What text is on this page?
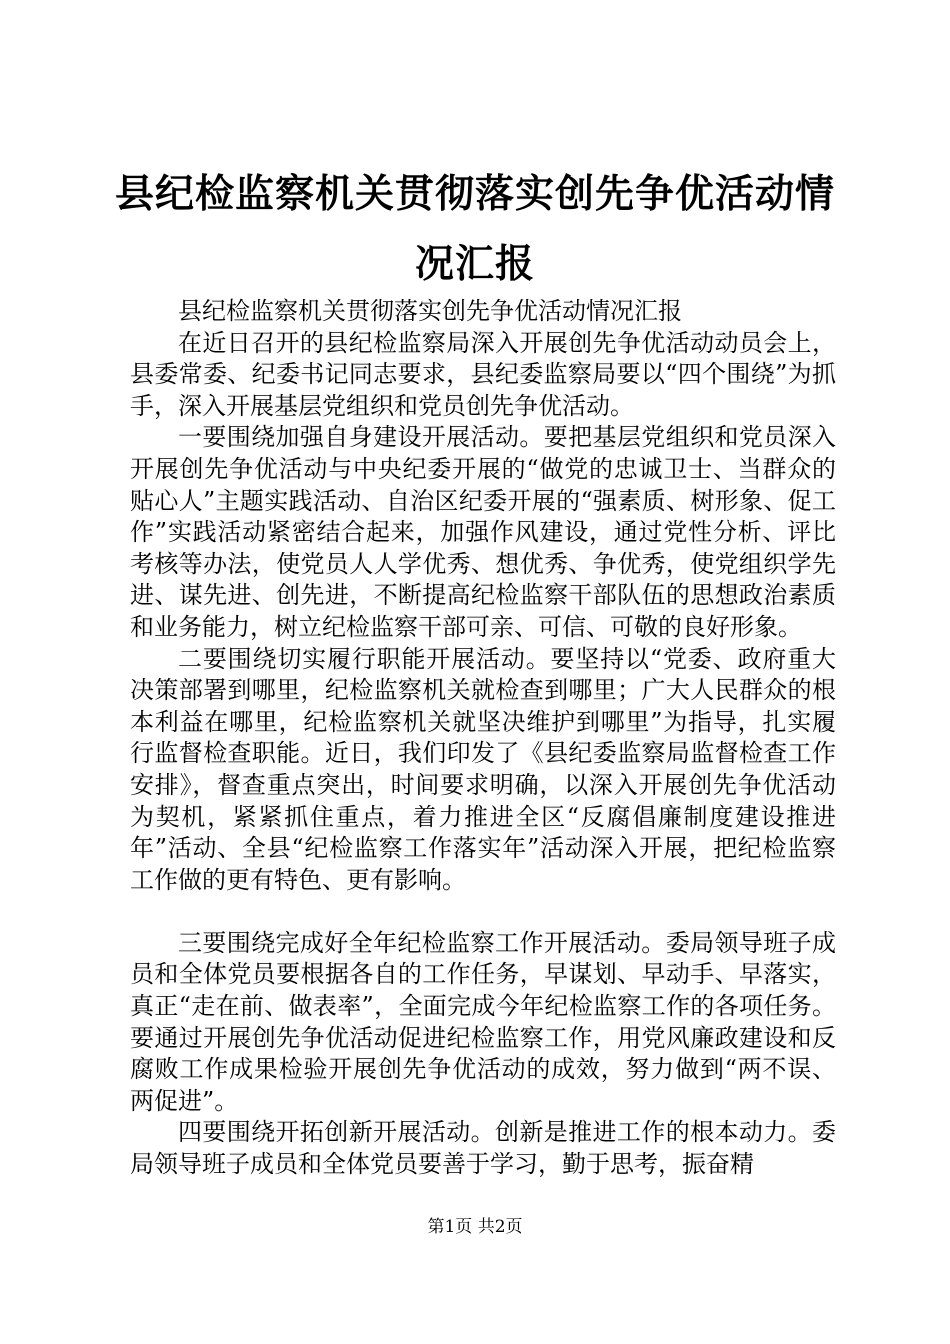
县纪检监察机关贯彻落实创先争优活动情况汇报

县纪检监察机关贯彻落实创先争优活动情况汇报

在近日召开的县纪检监察局深入开展创先争优活动动员会上，县委常委、纪委书记同志要求，县纪委监察局要以“四个围绕”为抓手，深入开展基层党组织和党员创先争优活动。

一要围绕加强自身建设开展活动。要把基层党组织和党员深入开展创先争优活动与中央纪委开展的“做党的忠诚卫士、当群众的贴心人”主题实践活动、自治区纪委开展的“强素质、树形象、促工作”实践活动紧密结合起来，加强作风建设，通过党性分析、评比考核等办法，使党员人人学优秀、想优秀、争优秀，使党组织学先进、谋先进、创先进，不断提高纪检监察干部队伍的思想政治素质和业务能力，树立纪检监察干部可亲、可信、可敬的良好形象。

二要围绕切实履行职能开展活动。要坚持以“党委、政府重大决策部署到哪里，纪检监察机关就检查到哪里；广大人民群众的根本利益在哪里，纪检监察机关就坚决维护到哪里”为指导，扎实履行监督检查职能。近日，我们印发了《县纪委监察局监督检查工作安排》，督查重点突出，时间要求明确，以深入开展创先争优活动为契机，紧紧抓住重点，着力推进全区“反腐倡廉制度建设推进年”活动、全县“纪检监察工作落实年”活动深入开展，把纪检监察工作做的更有特色、更有影响。

三要围绕完成好全年纪检监察工作开展活动。委局领导班子成员和全体党员要根据各自的工作任务，早谋划、早动手、早落实，真正“走在前、做表率”，全面完成今年纪检监察工作的各项任务。要通过开展创先争优活动促进纪检监察工作，用党风廉政建设和反腐败工作成果检验开展创先争优活动的成效，努力做到“两不误、两促进”。

四要围绕开拓创新开展活动。创新是推进工作的根本动力。委局领导班子成员和全体党员要善于学习，勤于思考，振奋精

第1页 共2页
